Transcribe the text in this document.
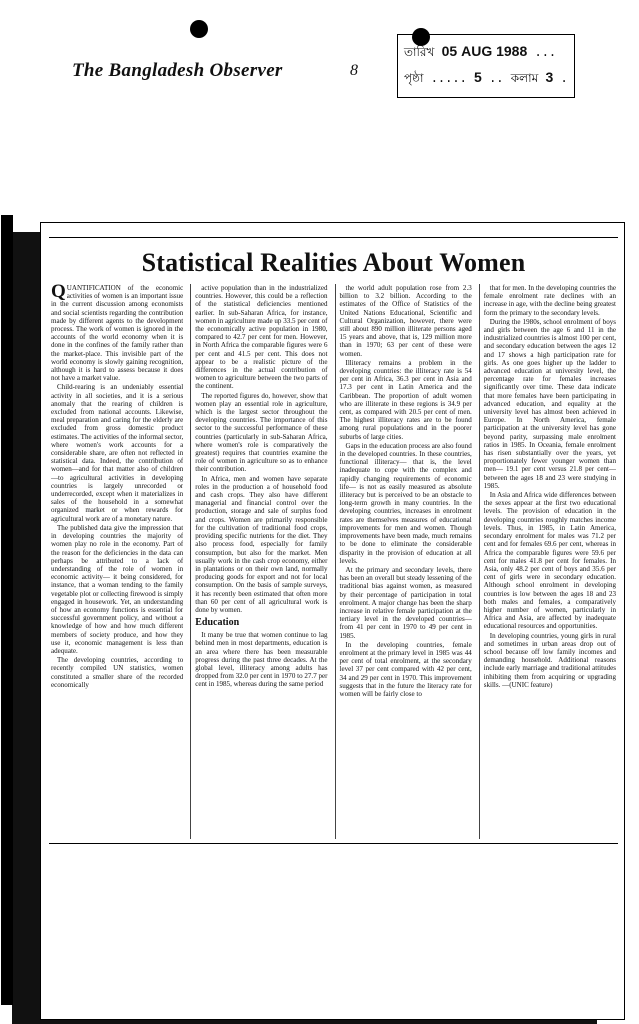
The Bangladesh Observer	8
তারিখ 05 AUG 1988 ...
পৃষ্ঠা ..... 5 .. কলাম 3 .
Statistical Realities About Women

QUANTIFICATION of the economic activities of women is an important issue in the current discussion among economists and social scientists regarding the contribution made by different agents to the development process. The work of women is ignored in the accounts of the world economy when it is done in the confines of the family rather than the market-place. This invisible part of the world economy is slowly gaining recognition, although it is hard to assess because it does not have a market value.

Child-rearing is an undeniably essential activity in all societies, and it is a serious anomaly that the rearing of children is excluded from national accounts. Likewise, meal preparation and caring for the elderly are excluded from gross domestic product estimates. The activities of the informal sector, where women's work accounts for a considerable share, are often not reflected in statistical data. Indeed, the contribution of women—and for that matter also of children—to agricultural activities in developing countries is largely unrecorded or underrecorded, except when it materializes in sales of the household in a somewhat organized market or when rewards for agricultural work are of a monetary nature.

The published data give the impression that in developing countries the majority of women play no role in the economy. Part of the reason for the deficiencies in the data can perhaps be attributed to a lack of understanding of the role of women in economic activity— it being considered, for instance, that a woman tending to the family vegetable plot or collecting firewood is simply engaged in housework. Yet, an understanding of how an economy functions is essential for successful government policy, and without a knowledge of how and how much different members of society produce, and how they use it, economic management is less than adequate.

The developing countries, according to recently compiled UN statistics, women constituted a smaller share of the recorded economically

active population than in the industrialized countries. However, this could be a reflection of the statistical deficiencies mentioned earlier. In sub-Saharan Africa, for instance, women in agriculture made up 33.5 per cent of the economically active population in 1980, compared to 42.7 per cent for men. However, in North Africa the comparable figures were 6 per cent and 41.5 per cent. This does not appear to be a realistic picture of the differences in the actual contribution of women to agriculture between the two parts of the continent.

The reported figures do, however, show that women play an essential role in agriculture, which is the largest sector throughout the developing countries. The importance of this sector to the successful performance of these countries (particularly in sub-Saharan Africa, where women's role is comparatively the greatest) requires that countries examine the role of women in agriculture so as to enhance their contribution.

In Africa, men and women have separate roles in the production a of household food and cash crops. They also have different managerial and financial control over the production, storage and sale of surplus food and crops. Women are primarily responsible for the cultivation of traditional food crops, providing specific nutrients for the diet. They also process food, especially for family consumption, but also for the market. Men usually work in the cash crop economy, either in plantations or on their own land, normally producing goods for export and not for local consumption. On the basis of sample surveys, it has recently been estimated that often more than 60 per cent of all agricultural work is done by women.

Education

It many be true that women continue to lag behind men in most departments, education is an area where there has been measurable progress during the past three decades. At the global level, illiteracy among adults has dropped from 32.0 per cent in 1970 to 27.7 per cent in 1985, whereas during the same period

the world adult population rose from 2.3 billion to 3.2 billion. According to the estimates of the Office of Statistics of the United Nations Educational, Scientific and Cultural Organization, however, there were still about 890 million illiterate persons aged 15 years and above, that is, 129 million more than in 1970; 63 per cent of these were women.

Illiteracy remains a problem in the developing countries: the illiteracy rate is 54 per cent in Africa, 36.3 per cent in Asia and 17.3 per cent in Latin America and the Caribbean. The proportion of adult women who are illiterate in these regions is 34.9 per cent, as compared with 20.5 per cent of men. The highest illiteracy rates are to be found among rural populations and in the poorer suburbs of large cities.

Gaps in the education process are also found in the developed countries. In these countries, functional illiteracy— that is, the level inadequate to cope with the complex and rapidly changing requirements of economic life— is not as easily measured as absolute illiteracy but is perceived to be an obstacle to long-term growth in many countries. In the developing countries, increases in enrolment rates are themselves measures of educational improvements for men and women. Though improvements have been made, much remains to be done to eliminate the considerable disparity in the provision of education at all levels.

At the primary and secondary levels, there has been an overall but steady lessening of the traditional bias against women, as measured by their percentage of participation in total enrolment. A major change has been the sharp increase in relative female participation at the tertiary level in the developed countries— from 41 per cent in 1970 to 49 per cent in 1985.

In the developing countries, female enrolment at the primary level in 1985 was 44 per cent of total enrolment, at the secondary level 37 per cent compared with 42 per cent, 34 and 29 per cent in 1970. This improvement suggests that in the future the literacy rate for women will be fairly close to

that for men. In the developing countries the female enrolment rate declines with an increase in age, with the decline being greatest form the primary to the secondary levels.

During the 1980s, school enrolment of boys and girls between the age 6 and 11 in the industrialized countries is almost 100 per cent, and secondary education between the ages 12 and 17 shows a high participation rate for girls. As one goes higher up the ladder to advanced education at university level, the percentage rate for females increases significantly over time. These data indicate that more females have been participating in advanced education, and equality at the university level has almost been achieved in Europe. In North America, female participation at the university level has gone beyond parity, surpassing male enrolment ratios in 1985. In Oceania, female enrolment has risen substantially over the years, yet proportionately fewer younger women than men— 19.1 per cent versus 21.8 per cent— between the ages 18 and 23 were studying in 1985.

In Asia and Africa wide differences between the sexes appear at the first two educational levels. The provision of education in the developing countries roughly matches income levels. Thus, in 1985, in Latin America, secondary enrolment for males was 71.2 per cent and for females 69.6 per cent, whereas in Africa the comparable figures were 59.6 per cent for males 41.8 per cent for females. In Asia, only 48.2 per cent of boys and 35.6 per cent of girls were in secondary education. Although school enrolment in developing countries is low between the ages 18 and 23 both males and females, a comparatively higher number of women, particularly in Africa and Asia, are affected by inadequate educational resources and opportunities.

In developing countries, young girls in rural and sometimes in urban areas drop out of school because off low family incomes and demanding household. Additional reasons include early marriage and traditional attitudes inhibiting them from acquiring or upgrading skills. —(UNIC feature)
